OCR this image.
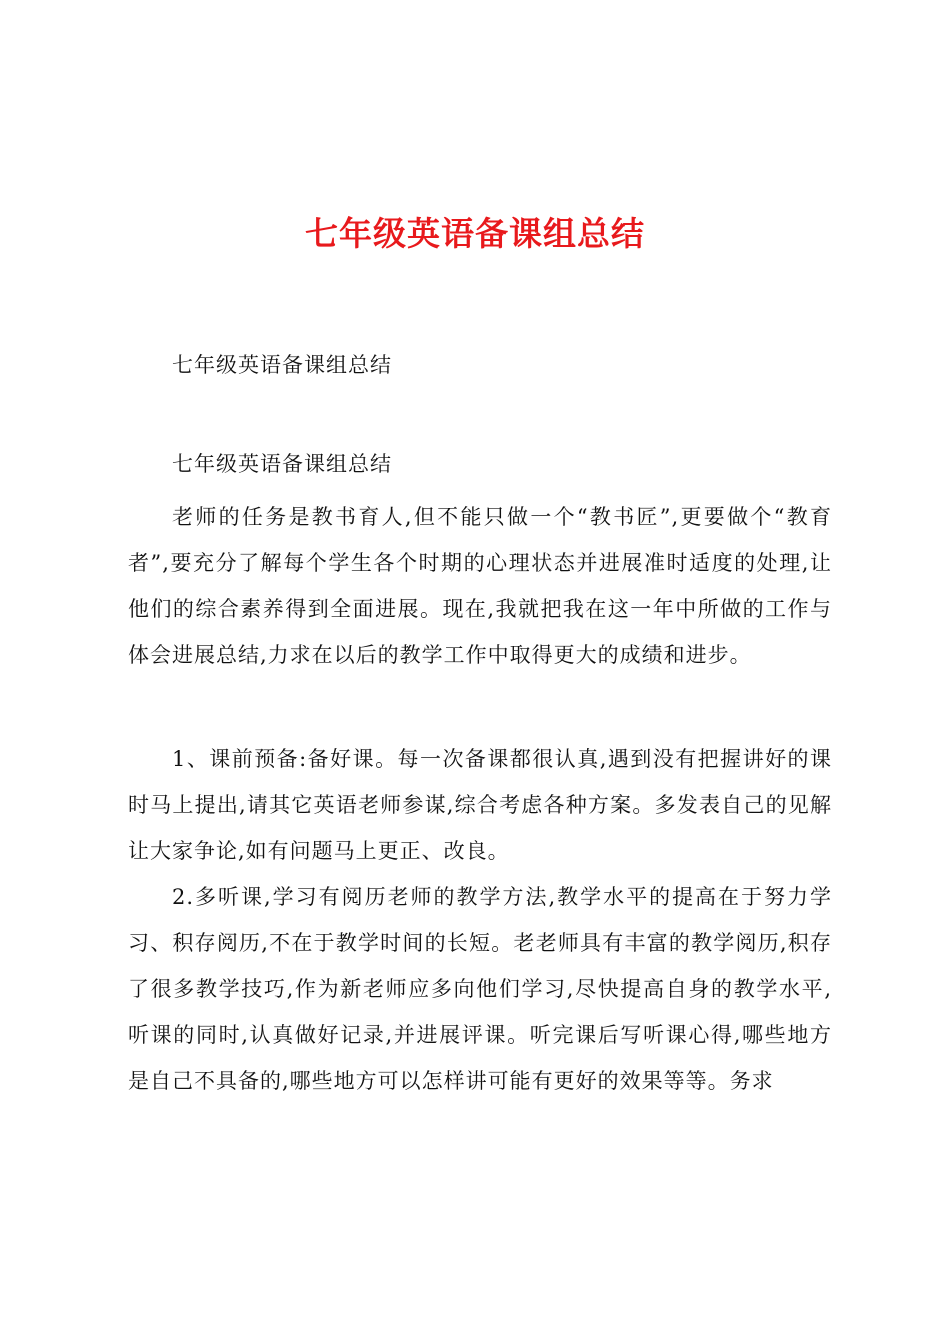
七年级英语备课组总结

七年级英语备课组总结

七年级英语备课组总结

老师的任务是教书育人,但不能只做一个“教书匠”,更要做个“教育者”,要充分了解每个学生各个时期的心理状态并进展准时适度的处理,让他们的综合素养得到全面进展。现在,我就把我在这一年中所做的工作与体会进展总结,力求在以后的教学工作中取得更大的成绩和进步。

1、课前预备:备好课。每一次备课都很认真,遇到没有把握讲好的课时马上提出,请其它英语老师参谋,综合考虑各种方案。多发表自己的见解让大家争论,如有问题马上更正、改良。

2.多听课,学习有阅历老师的教学方法,教学水平的提高在于努力学习、积存阅历,不在于教学时间的长短。老老师具有丰富的教学阅历,积存了很多教学技巧,作为新老师应多向他们学习,尽快提高自身的教学水平,听课的同时,认真做好记录,并进展评课。听完课后写听课心得,哪些地方是自己不具备的,哪些地方可以怎样讲可能有更好的效果等等。务求
